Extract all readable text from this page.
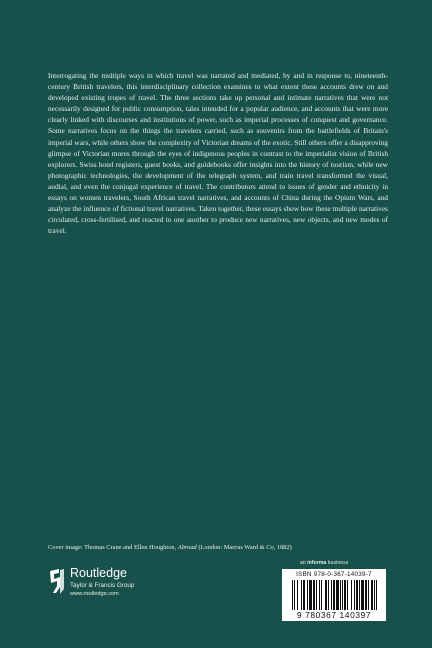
Interrogating the multiple ways in which travel was narrated and mediated, by and in response to, nineteenth-century British travelers, this interdisciplinary collection examines to what extent these accounts drew on and developed existing tropes of travel. The three sections take up personal and intimate narratives that were not necessarily designed for public consumption, tales intended for a popular audience, and accounts that were more clearly linked with discourses and institutions of power, such as imperial processes of conquest and governance. Some narratives focus on the things the travelers carried, such as souvenirs from the battlefields of Britain's imperial wars, while others show the complexity of Victorian dreams of the exotic. Still others offer a disapproving glimpse of Victorian mores through the eyes of indigenous peoples in contrast to the imperialist vision of British explorers. Swiss hotel registers, guest books, and guidebooks offer insights into the history of tourism, while new photographic technologies, the development of the telegraph system, and train travel transformed the visual, audial, and even the conjugal experience of travel. The contributors attend to issues of gender and ethnicity in essays on women travelers, South African travel narratives, and accounts of China during the Opium Wars, and analyze the influence of fictional travel narratives. Taken together, these essays show how these multiple narratives circulated, cross-fertilised, and reacted to one another to produce new narratives, new objects, and new modes of travel.

Cover image: Thomas Crane and Ellen Houghton, Abroad (London: Marcus Ward & Co, 1882)
an informa business
Routledge
Taylor & Francis Group
www.routledge.com
ISBN 978-0-367-14039-7
9 780367 140397
